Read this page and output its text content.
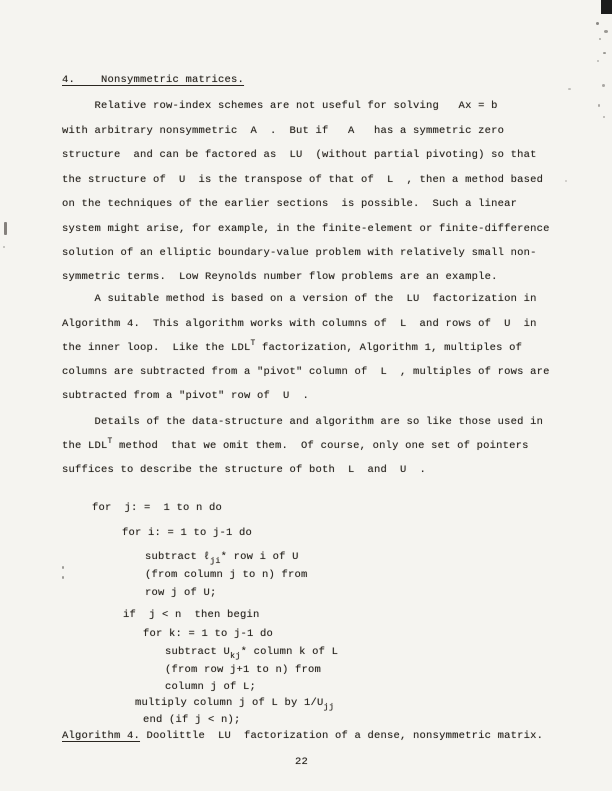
4.    Nonsymmetric matrices.
Relative row-index schemes are not useful for solving   Ax = b
with arbitrary nonsymmetric  A  .  But if   A   has a symmetric zero
structure  and can be factored as  LU  (without partial pivoting) so that
the structure of  U  is the transpose of that of  L  , then a method based
on the techniques of the earlier sections  is possible.  Such a linear
system might arise, for example, in the finite-element or finite-difference
solution of an elliptic boundary-value problem with relatively small non-
symmetric terms.  Low Reynolds number flow problems are an example.
A suitable method is based on a version of the  LU  factorization in
Algorithm 4.  This algorithm works with columns of  L  and rows of  U  in
the inner loop.  Like the $LDL^T$ factorization, Algorithm 1, multiples of
columns are subtracted from a "pivot" column of  L  , multiples of rows are
subtracted from a "pivot" row of  U  .
Details of the data-structure and algorithm are so like those used in
the $LDL^T$ method  that we omit them.  Of course, only one set of pointers
suffices to describe the structure of both  L  and  U  .
for  j: =  1 to n do
for i: = 1 to j-1 do
subtract ℓ$_{ji}$* row i of U
(from column j to n) from
row j of U;
if  j < n  then begin
for k: = 1 to j-1 do
subtract $U_{kj}*$ column k of L
(from row j+1 to n) from
column j of L;
multiply column j of L by $1/U_{jj}$
end (if j < n);
Algorithm 4. Doolittle  LU  factorization of a dense, nonsymmetric matrix.
22
